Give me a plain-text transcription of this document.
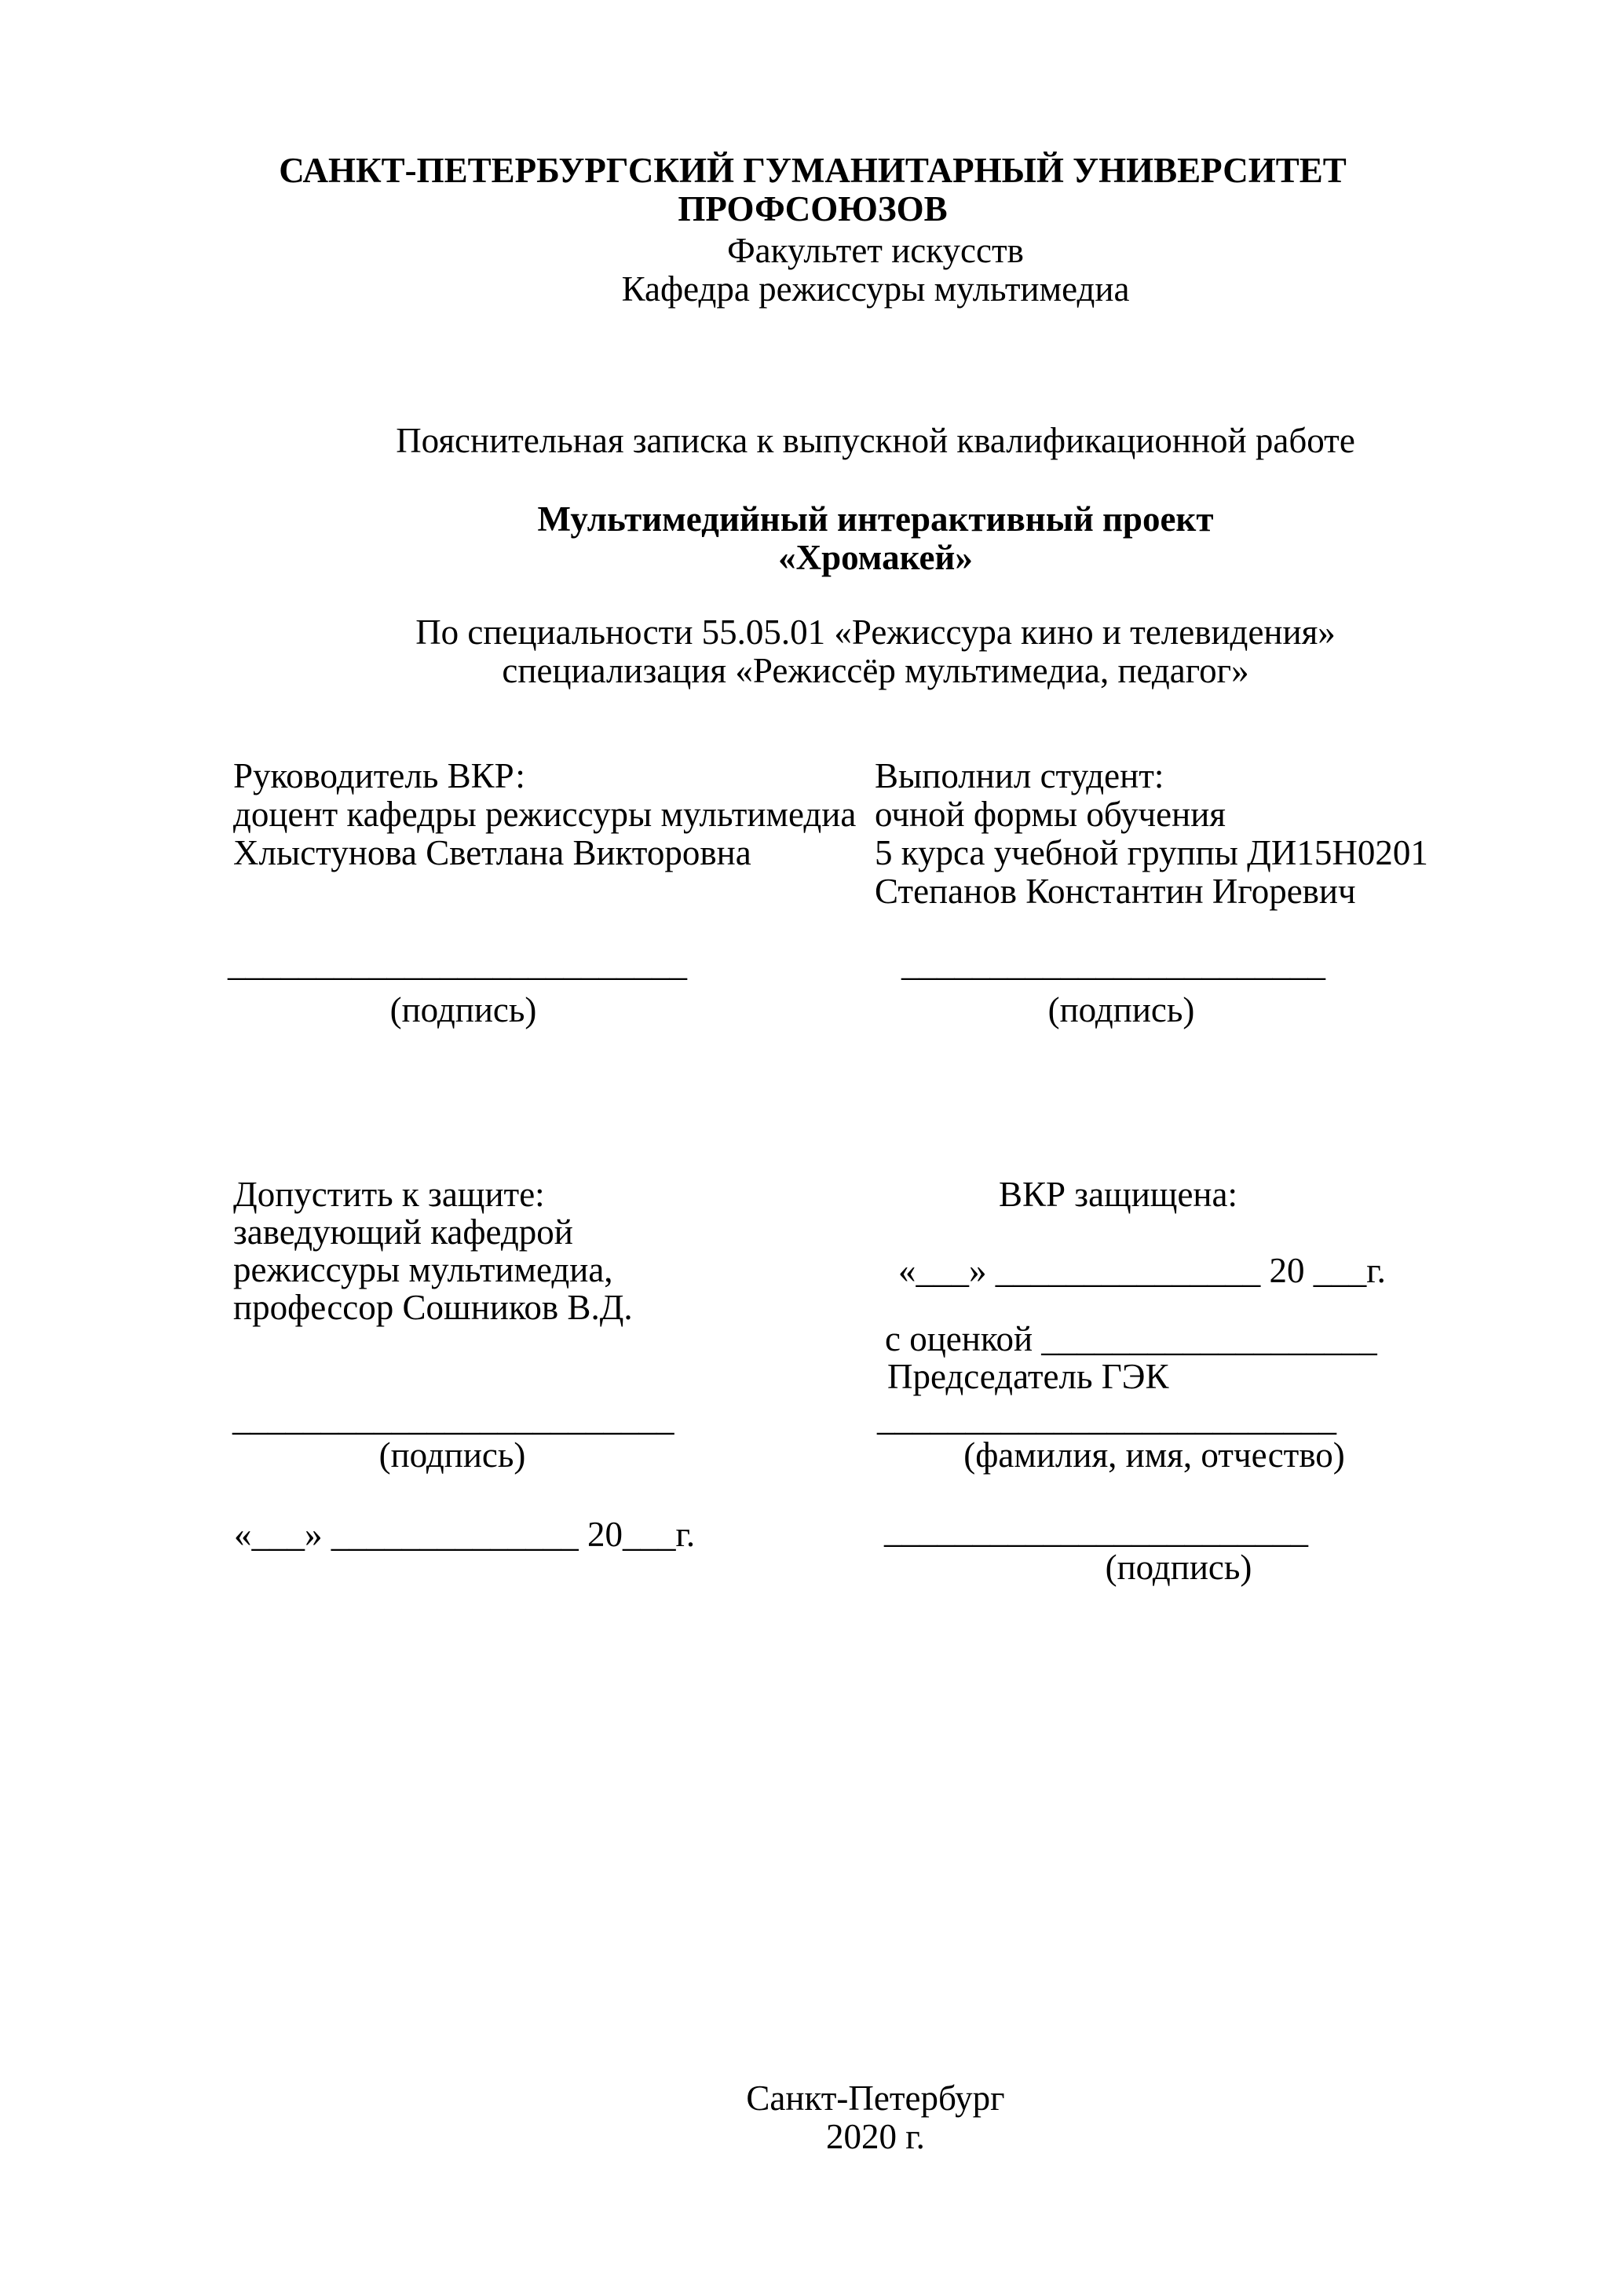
САНКТ-ПЕТЕРБУРГСКИЙ ГУМАНИТАРНЫЙ УНИВЕРСИТЕТ ПРОФСОЮЗОВ
Факультет искусств
Кафедра режиссуры мультимедиа
Пояснительная записка к выпускной квалификационной работе
Мультимедийный интерактивный проект
«Хромакей»
По специальности 55.05.01 «Режиссура кино и телевидения»
специализация «Режиссёр мультимедиа, педагог»
Руководитель ВКР:
доцент кафедры режиссуры мультимедиа
Хлыстунова Светлана Викторовна
Выполнил студент:
очной формы обучения
5 курса учебной группы ДИ15Н0201
Степанов Константин Игоревич
__________________________
(подпись)
________________________
(подпись)
Допустить к защите:
заведующий кафедрой
режиссуры мультимедиа,
профессор Сошников В.Д.
_________________________
(подпись)
«___» ______________ 20___г.
ВКР защищена:
«___» _______________ 20 ___г.
с оценкой ___________________
Председатель ГЭК
__________________________
(фамилия, имя, отчество)
________________________
(подпись)
Санкт-Петербург
2020 г.
